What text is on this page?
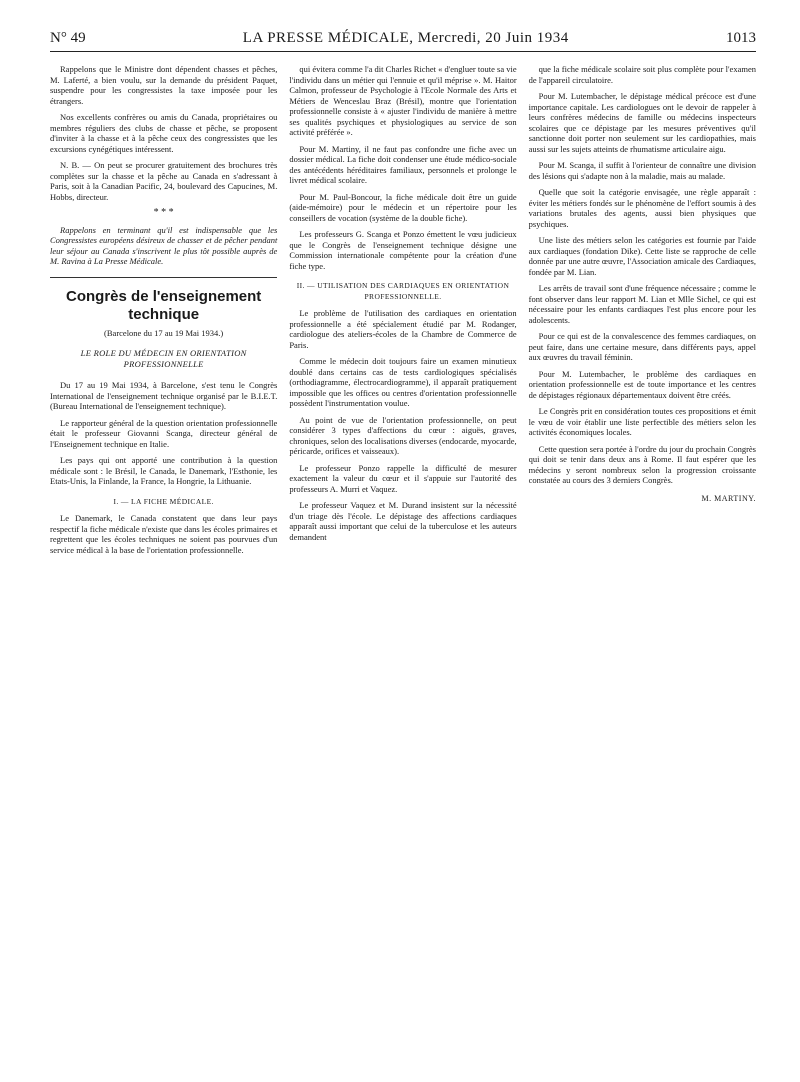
N° 49	LA PRESSE MÉDICALE, Mercredi, 20 Juin 1934	1013

Rappelons que le Ministre dont dépendent chasses et pêches, M. Laferté, a bien voulu, sur la demande du président Paquet, suspendre pour les congressistes la taxe imposée pour les étrangers.

Nos excellents confrères ou amis du Canada, propriétaires ou membres réguliers des clubs de chasse et pêche, se proposent d'inviter à la chasse et à la pêche ceux des congressistes que les excursions cynégétiques intéressent.

N. B. — On peut se procurer gratuitement des brochures très complètes sur la chasse et la pêche au Canada en s'adressant à Paris, soit à la Canadian Pacific, 24, boulevard des Capucines, M. Hobbs, directeur.

* * *

Rappelons en terminant qu'il est indispensable que les Congressistes européens désireux de chasser et de pêcher pendant leur séjour au Canada s'inscrivent le plus tôt possible auprès de M. Ravina à La Presse Médicale.

Congrès de l'enseignement technique
(Barcelone du 17 au 19 Mai 1934.)
LE ROLE DU MÉDECIN EN ORIENTATION PROFESSIONNELLE

Du 17 au 19 Mai 1934, à Barcelone, s'est tenu le Congrès International de l'enseignement technique organisé par le B.I.E.T. (Bureau International de l'enseignement technique).

Le rapporteur général de la question orientation professionnelle était le professeur Giovanni Scanga, directeur général de l'Enseignement technique en Italie.

Les pays qui ont apporté une contribution à la question médicale sont : le Brésil, le Canada, le Danemark, l'Esthonie, les Etats-Unis, la Finlande, la France, la Hongrie, la Lithuanie.

I. — LA FICHE MÉDICALE.

Le Danemark, le Canada constatent que dans leur pays respectif la fiche médicale n'existe que dans les écoles primaires et regrettent que les écoles techniques ne soient pas pourvues d'un service médical à la base de l'orientation professionnelle.

qui évitera comme l'a dit Charles Richet « d'engluer toute sa vie l'individu dans un métier qui l'ennuie et qu'il méprise ». M. Haitor Calmon, professeur de Psychologie à l'Ecole Normale des Arts et Métiers de Wenceslau Braz (Brésil), montre que l'orientation professionnelle consiste à « ajuster l'individu de manière à mettre ses qualités psychiques et physiologiques au service de son activité préférée ».

Pour M. Martiny, il ne faut pas confondre une fiche avec un dossier médical. La fiche doit condenser une étude médico-sociale des antécédents héréditaires familiaux, personnels et prolonge le livret médical scolaire.

Pour M. Paul-Boncour, la fiche médicale doit être un guide (aide-mémoire) pour le médecin et un répertoire pour les conseillers de vocation (système de la double fiche).

Les professeurs G. Scanga et Ponzo émettent le vœu judicieux que le Congrès de l'enseignement technique désigne une Commission internationale compétente pour la création d'une fiche type.

II. — UTILISATION DES CARDIAQUES EN ORIENTATION PROFESSIONNELLE.

Le problème de l'utilisation des cardiaques en orientation professionnelle a été spécialement étudié par M. Rodanger, cardiologue des ateliers-écoles de la Chambre de Commerce de Paris.

Comme le médecin doit toujours faire un examen minutieux doublé dans certains cas de tests cardiologiques spécialisés (orthodiagramme, électrocardiogramme), il apparaît pratiquement impossible que les offices ou centres d'orientation professionnelle possèdent l'instrumentation voulue.

Au point de vue de l'orientation professionnelle, on peut considérer 3 types d'affections du cœur : aiguës, graves, chroniques, selon des localisations diverses (endocarde, myocarde, péricarde, orifices et vaisseaux).

Le professeur Ponzo rappelle la difficulté de mesurer exactement la valeur du cœur et il s'appuie sur l'autorité des professeurs A. Murri et Vaquez.

Le professeur Vaquez et M. Durand insistent sur la nécessité d'un triage dès l'école. Le dépistage des affections cardiaques apparaît aussi important que celui de la tuberculose et les auteurs demandent

que la fiche médicale scolaire soit plus complète pour l'examen de l'appareil circulatoire.

Pour M. Lutembacher, le dépistage médical précoce est d'une importance capitale. Les cardiologues ont le devoir de rappeler à leurs confrères médecins de famille ou médecins inspecteurs scolaires que ce dépistage par les mesures préventives qu'il sanctionne doit porter non seulement sur les cardiopathies, mais aussi sur les sujets atteints de rhumatisme articulaire aigu.

Pour M. Scanga, il suffit à l'orienteur de connaître une division des lésions qui s'adapte non à la maladie, mais au malade.

Quelle que soit la catégorie envisagée, une règle apparaît : éviter les métiers fondés sur le phénomène de l'effort soumis à des variations brutales des agents, aussi bien physiques que psychiques.

Une liste des métiers selon les catégories est fournie par l'aide aux cardiaques (fondation Dike). Cette liste se rapproche de celle donnée par une autre œuvre, l'Association amicale des Cardiaques, fondée par M. Lian.

Les arrêts de travail sont d'une fréquence nécessaire ; comme le font observer dans leur rapport M. Lian et Mlle Sichel, ce qui est nécessaire pour les enfants cardiaques l'est plus encore pour les adolescents.

Pour ce qui est de la convalescence des femmes cardiaques, on peut faire, dans une certaine mesure, dans différents pays, appel aux œuvres du travail féminin.

Pour M. Lutembacher, le problème des cardiaques en orientation professionnelle est de toute importance et les centres de dépistages régionaux départementaux doivent être créés.

Le Congrès prit en considération toutes ces propositions et émit le vœu de voir établir une liste perfectible des métiers selon les activités économiques locales.

Cette question sera portée à l'ordre du jour du prochain Congrès qui doit se tenir dans deux ans à Rome. Il faut espérer que les médecins y seront nombreux selon la progression croissante constatée au cours des 3 derniers Congrès.

M. MARTINY.
